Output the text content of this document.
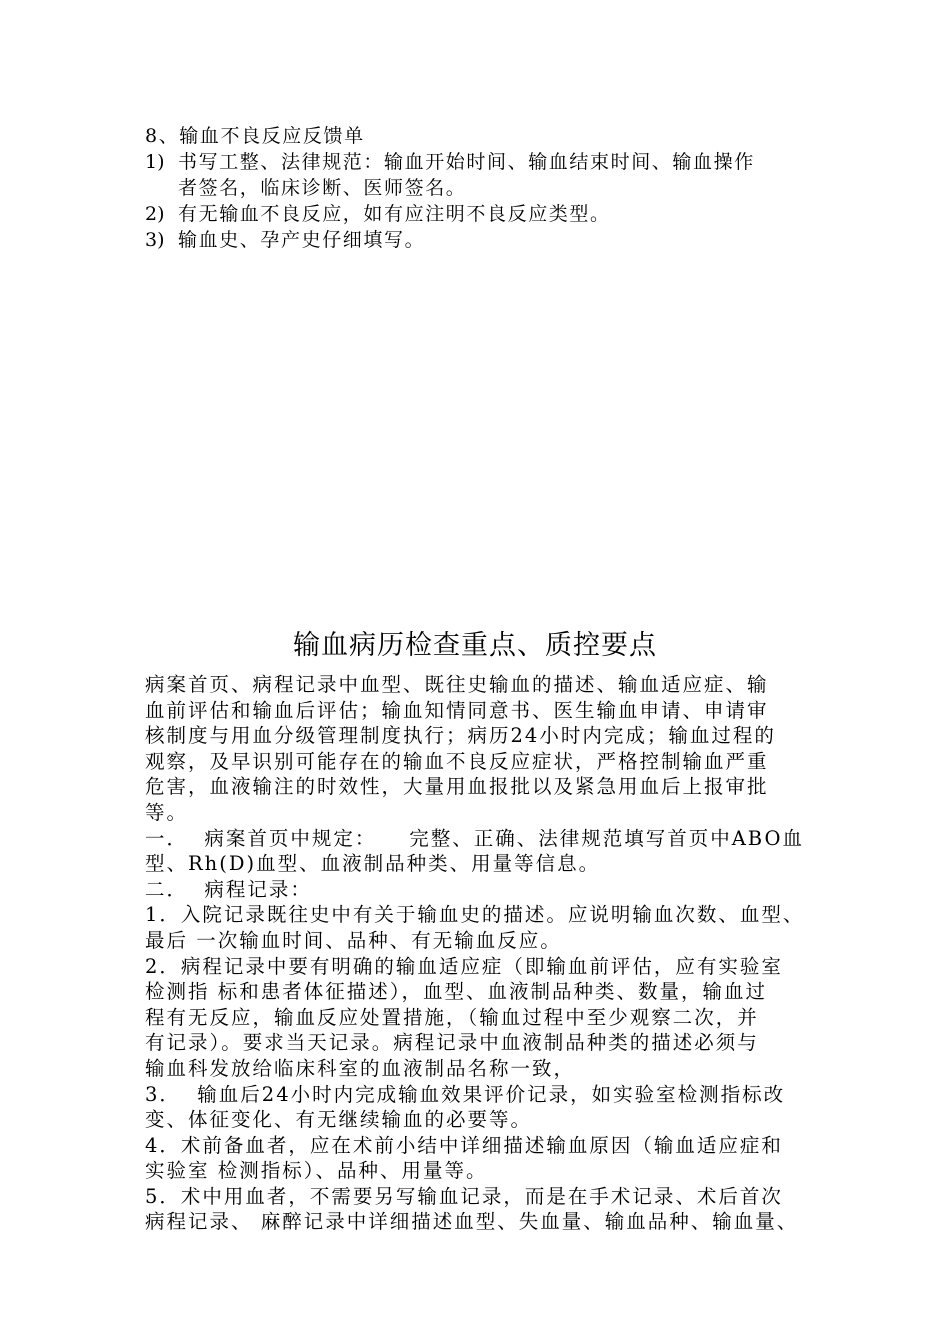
8、输血不良反应反馈单
1) 书写工整、法律规范：输血开始时间、输血结束时间、输血操作
者签名，临床诊断、医师签名。
2) 有无输血不良反应，如有应注明不良反应类型。
3) 输血史、孕产史仔细填写。
输血病历检查重点、质控要点
病案首页、病程记录中血型、既往史输血的描述、输血适应症、输
血前评估和输血后评估；输血知情同意书、医生输血申请、申请审
核制度与用血分级管理制度执行；病历24小时内完成；输血过程的
观察，及早识别可能存在的输血不良反应症状，严格控制输血严重
危害，血液输注的时效性，大量用血报批以及紧急用血后上报审批
等。
一．  病案首页中规定：    完整、正确、法律规范填写首页中ABO血
型、Rh(D)血型、血液制品种类、用量等信息。
二．  病程记录：
1．入院记录既往史中有关于输血史的描述。应说明输血次数、血型、
最后 一次输血时间、品种、有无输血反应。
2．病程记录中要有明确的输血适应症（即输血前评估，应有实验室
检测指 标和患者体征描述），血型、血液制品种类、数量，输血过
程有无反应，输血反应处置措施，（输血过程中至少观察二次，并
有记录）。要求当天记录。病程记录中血液制品种类的描述必须与
输血科发放给临床科室的血液制品名称一致，
3．  输血后24小时内完成输血效果评价记录，如实验室检测指标改
变、体征变化、有无继续输血的必要等。
4．术前备血者，应在术前小结中详细描述输血原因（输血适应症和
实验室 检测指标）、品种、用量等。
5．术中用血者，不需要另写输血记录，而是在手术记录、术后首次
病程记录、 麻醉记录中详细描述血型、失血量、输血品种、输血量、
